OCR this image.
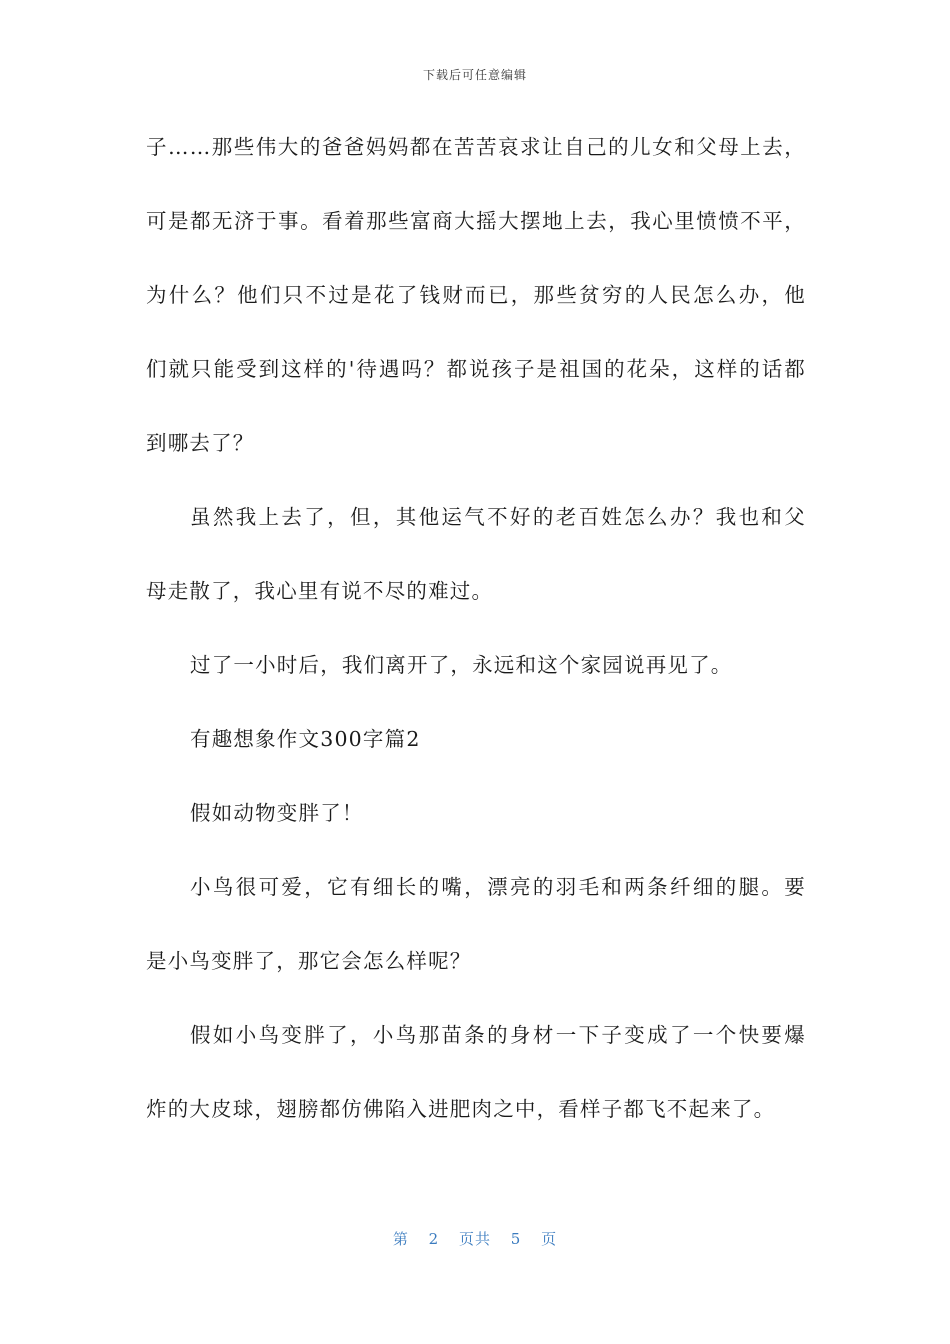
下载后可任意编辑
子……那些伟大的爸爸妈妈都在苦苦哀求让自己的儿女和父母上去，
可是都无济于事。看着那些富商大摇大摆地上去，我心里愤愤不平，
为什么？他们只不过是花了钱财而已，那些贫穷的人民怎么办，他
们就只能受到这样的'待遇吗？都说孩子是祖国的花朵，这样的话都
到哪去了？
虽然我上去了，但，其他运气不好的老百姓怎么办？我也和父
母走散了，我心里有说不尽的难过。
过了一小时后，我们离开了，永远和这个家园说再见了。
有趣想象作文300字篇2
假如动物变胖了！
小鸟很可爱，它有细长的嘴，漂亮的羽毛和两条纤细的腿。要
是小鸟变胖了，那它会怎么样呢？
假如小鸟变胖了，小鸟那苗条的身材一下子变成了一个快要爆
炸的大皮球，翅膀都仿佛陷入进肥肉之中，看样子都飞不起来了。
第 2 页共 5 页
